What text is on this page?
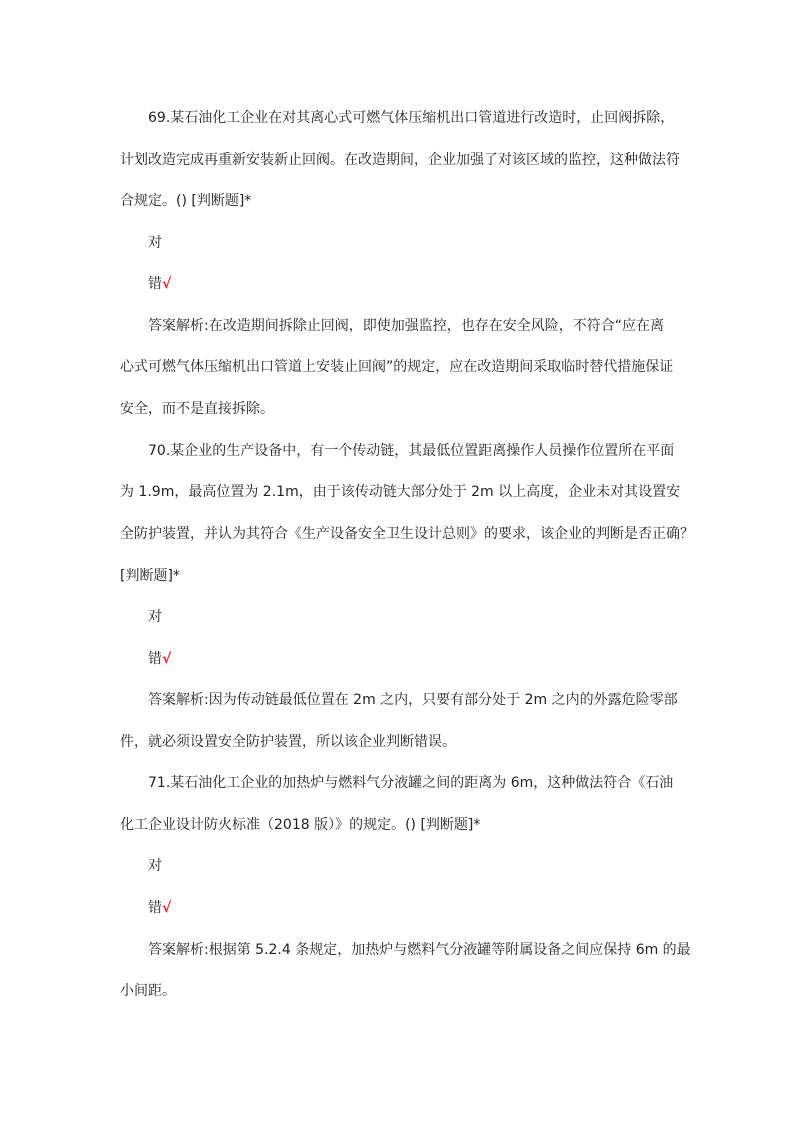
69.某石油化工企业在对其离心式可燃气体压缩机出口管道进行改造时，止回阀拆除，
计划改造完成再重新安装新止回阀。在改造期间，企业加强了对该区域的监控，这种做法符
合规定。() [判断题]*
对
错√
答案解析:在改造期间拆除止回阀，即使加强监控，也存在安全风险，不符合“应在离
心式可燃气体压缩机出口管道上安装止回阀”的规定，应在改造期间采取临时替代措施保证
安全，而不是直接拆除。
70.某企业的生产设备中，有一个传动链，其最低位置距离操作人员操作位置所在平面
为 1.9m，最高位置为 2.1m，由于该传动链大部分处于 2m 以上高度，企业未对其设置安
全防护装置，并认为其符合《生产设备安全卫生设计总则》的要求，该企业的判断是否正确？
[判断题]*
对
错√
答案解析:因为传动链最低位置在 2m 之内，只要有部分处于 2m 之内的外露危险零部
件，就必须设置安全防护装置，所以该企业判断错误。
71.某石油化工企业的加热炉与燃料气分液罐之间的距离为 6m，这种做法符合《石油
化工企业设计防火标准（2018 版）》的规定。() [判断题]*
对
错√
答案解析:根据第 5.2.4 条规定，加热炉与燃料气分液罐等附属设备之间应保持 6m 的最
小间距。
